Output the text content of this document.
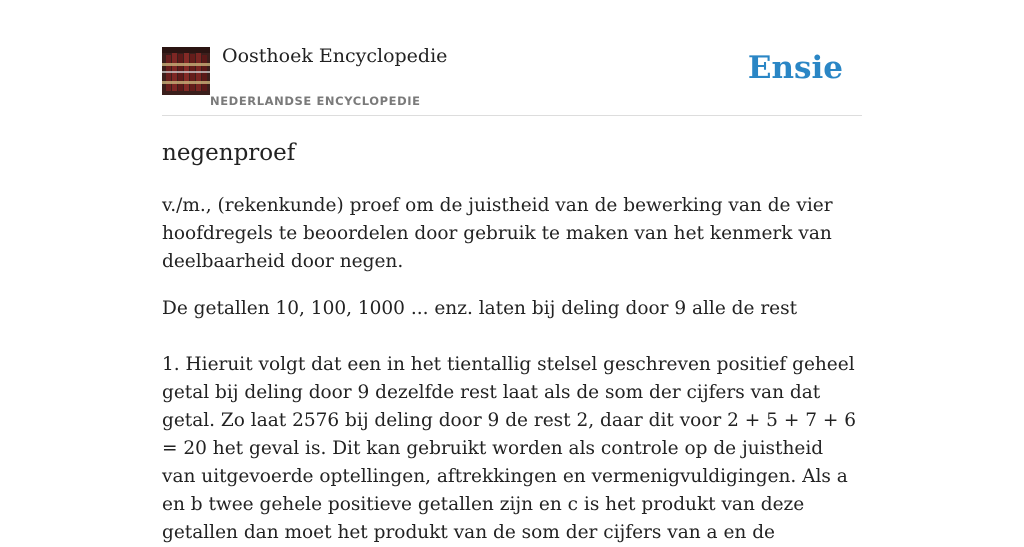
Oosthoek Encyclopedie
NEDERLANDSE ENCYCLOPEDIE
Ensie
negenproef

v./m., (rekenkunde) proef om de juistheid van de bewerking van de vier hoofdregels te beoordelen door gebruik te maken van het kenmerk van deelbaarheid door negen.

De getallen 10, 100, 1000 ... enz. laten bij deling door 9 alle de rest

1. Hieruit volgt dat een in het tientallig stelsel geschreven positief geheel getal bij deling door 9 dezelfde rest laat als de som der cijfers van dat getal. Zo laat 2576 bij deling door 9 de rest 2, daar dit voor 2 + 5 + 7 + 6 = 20 het geval is. Dit kan gebruikt worden als controle op de juistheid van uitgevoerde optellingen, aftrekkingen en vermenigvuldigingen. Als a en b twee gehele positieve getallen zijn en c is het produkt van deze getallen dan moet het produkt van de som der cijfers van a en de
